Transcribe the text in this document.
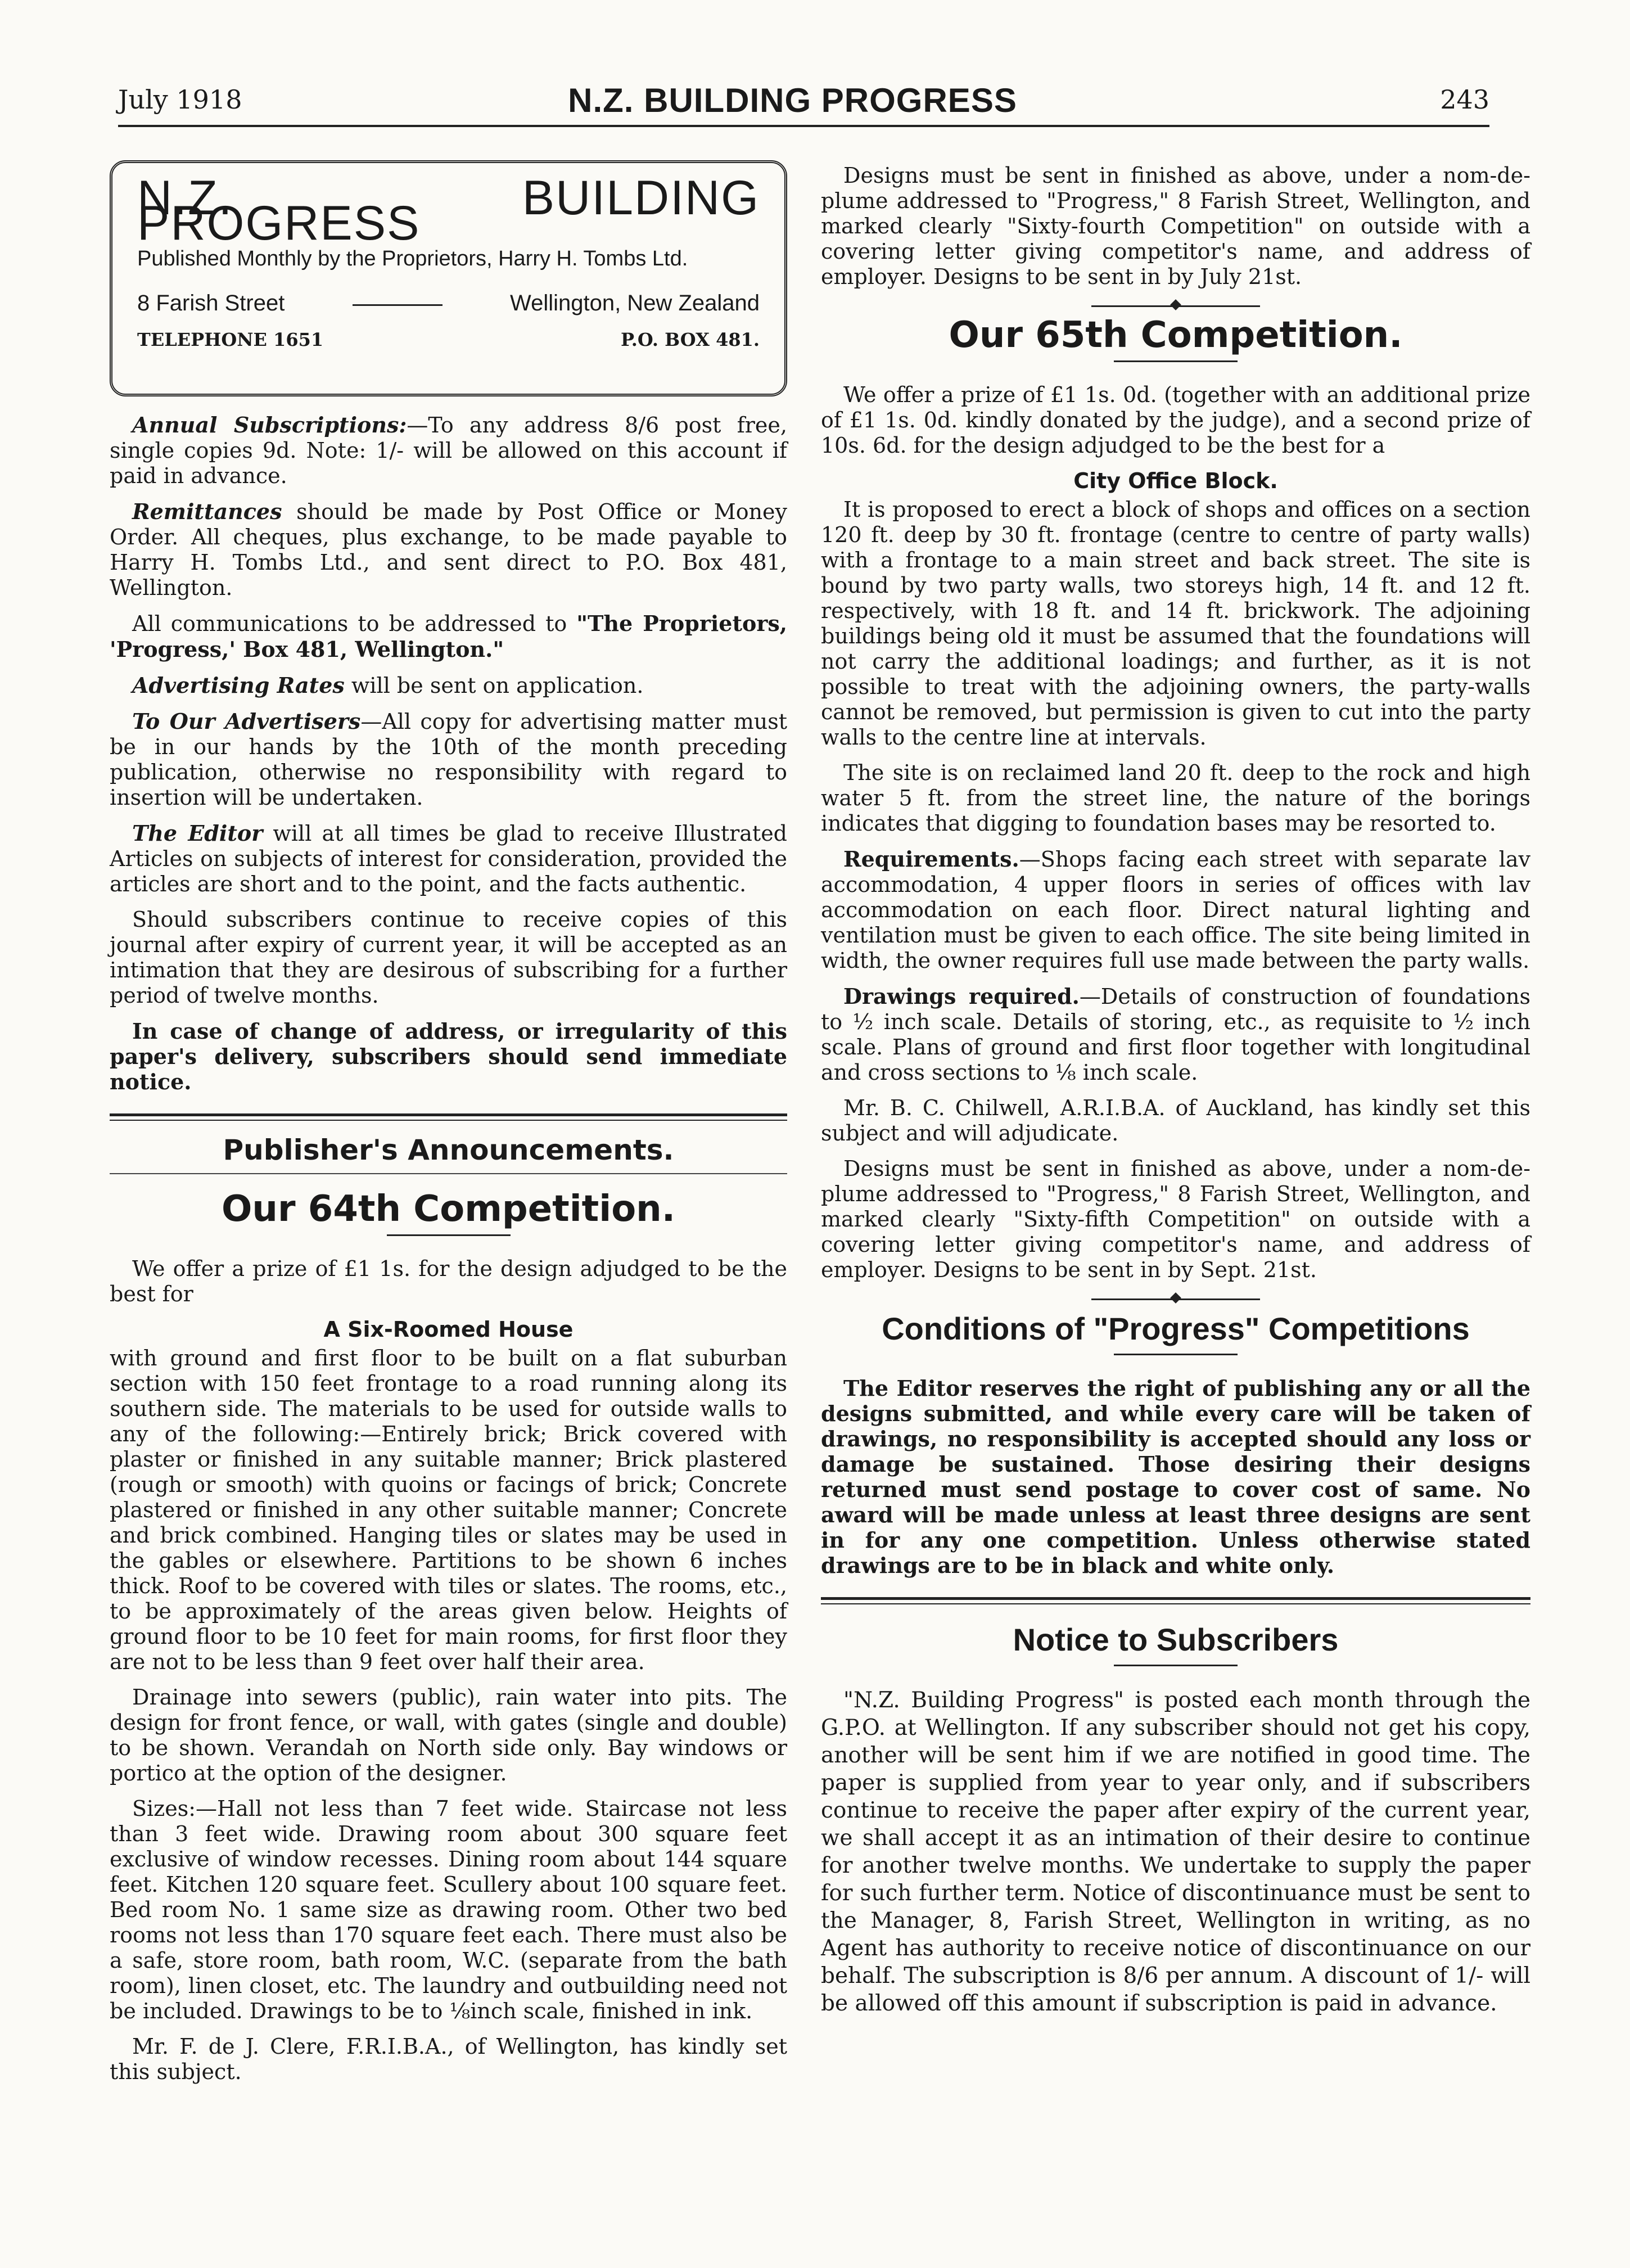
July 1918	N.Z. BUILDING PROGRESS	243
N.Z. BUILDING PROGRESS
Published Monthly by the Proprietors, Harry H. Tombs Ltd.
8 Farish Street	Wellington, New Zealand
TELEPHONE 1651	P.O. BOX 481.

Annual Subscriptions:—To any address 8/6 post free, single copies 9d. Note: 1/- will be allowed on this account if paid in advance.

Remittances should be made by Post Office or Money Order. All cheques, plus exchange, to be made payable to Harry H. Tombs Ltd., and sent direct to P.O. Box 481, Wellington.

All communications to be addressed to "The Proprietors, 'Progress,' Box 481, Wellington."

Advertising Rates will be sent on application.

To Our Advertisers—All copy for advertising matter must be in our hands by the 10th of the month preceding publication, otherwise no responsibility with regard to insertion will be undertaken.

The Editor will at all times be glad to receive Illustrated Articles on subjects of interest for consideration, provided the articles are short and to the point, and the facts authentic.

Should subscribers continue to receive copies of this journal after expiry of current year, it will be accepted as an intimation that they are desirous of subscribing for a further period of twelve months.

In case of change of address, or irregularity of this paper's delivery, subscribers should send immediate notice.

Publisher's Announcements.
Our 64th Competition.

We offer a prize of £1 1s. for the design adjudged to be the best for

A Six-Roomed House

with ground and first floor to be built on a flat suburban section with 150 feet frontage to a road running along its southern side. The materials to be used for outside walls to any of the following:—Entirely brick; Brick covered with plaster or finished in any suitable manner; Brick plastered (rough or smooth) with quoins or facings of brick; Concrete plastered or finished in any other suitable manner; Concrete and brick combined. Hanging tiles or slates may be used in the gables or elsewhere. Partitions to be shown 6 inches thick. Roof to be covered with tiles or slates. The rooms, etc., to be approximately of the areas given below. Heights of ground floor to be 10 feet for main rooms, for first floor they are not to be less than 9 feet over half their area.

Drainage into sewers (public), rain water into pits. The design for front fence, or wall, with gates (single and double) to be shown. Verandah on North side only. Bay windows or portico at the option of the designer.

Sizes:—Hall not less than 7 feet wide. Staircase not less than 3 feet wide. Drawing room about 300 square feet exclusive of window recesses. Dining room about 144 square feet. Kitchen 120 square feet. Scullery about 100 square feet. Bed room No. 1 same size as drawing room. Other two bed rooms not less than 170 square feet each. There must also be a safe, store room, bath room, W.C. (separate from the bath room), linen closet, etc. The laundry and outbuilding need not be included. Drawings to be to ⅛inch scale, finished in ink.

Mr. F. de J. Clere, F.R.I.B.A., of Wellington, has kindly set this subject.

Designs must be sent in finished as above, under a nom-de-plume addressed to "Progress," 8 Farish Street, Wellington, and marked clearly "Sixty-fourth Competition" on outside with a covering letter giving competitor's name, and address of employer. Designs to be sent in by July 21st.

Our 65th Competition.

We offer a prize of £1 1s. 0d. (together with an additional prize of £1 1s. 0d. kindly donated by the judge), and a second prize of 10s. 6d. for the design adjudged to be the best for a

City Office Block.

It is proposed to erect a block of shops and offices on a section 120 ft. deep by 30 ft. frontage (centre to centre of party walls) with a frontage to a main street and back street. The site is bound by two party walls, two storeys high, 14 ft. and 12 ft. respectively, with 18 ft. and 14 ft. brickwork. The adjoining buildings being old it must be assumed that the foundations will not carry the additional loadings; and further, as it is not possible to treat with the adjoining owners, the party-walls cannot be removed, but permission is given to cut into the party walls to the centre line at intervals.

The site is on reclaimed land 20 ft. deep to the rock and high water 5 ft. from the street line, the nature of the borings indicates that digging to foundation bases may be resorted to.

Requirements.—Shops facing each street with separate lav accommodation, 4 upper floors in series of offices with lav accommodation on each floor. Direct natural lighting and ventilation must be given to each office. The site being limited in width, the owner requires full use made between the party walls.

Drawings required.—Details of construction of foundations to ½ inch scale. Details of storing, etc., as requisite to ½ inch scale. Plans of ground and first floor together with longitudinal and cross sections to ⅛ inch scale.

Mr. B. C. Chilwell, A.R.I.B.A. of Auckland, has kindly set this subject and will adjudicate.

Designs must be sent in finished as above, under a nom-de-plume addressed to "Progress," 8 Farish Street, Wellington, and marked clearly "Sixty-fifth Competition" on outside with a covering letter giving competitor's name, and address of employer. Designs to be sent in by Sept. 21st.

Conditions of "Progress" Competitions

The Editor reserves the right of publishing any or all the designs submitted, and while every care will be taken of drawings, no responsibility is accepted should any loss or damage be sustained. Those desiring their designs returned must send postage to cover cost of same. No award will be made unless at least three designs are sent in for any one competition. Unless otherwise stated drawings are to be in black and white only.

Notice to Subscribers

"N.Z. Building Progress" is posted each month through the G.P.O. at Wellington. If any subscriber should not get his copy, another will be sent him if we are notified in good time. The paper is supplied from year to year only, and if subscribers continue to receive the paper after expiry of the current year, we shall accept it as an intimation of their desire to continue for another twelve months. We undertake to supply the paper for such further term. Notice of discontinuance must be sent to the Manager, 8, Farish Street, Wellington in writing, as no Agent has authority to receive notice of discontinuance on our behalf. The subscription is 8/6 per annum. A discount of 1/- will be allowed off this amount if subscription is paid in advance.
